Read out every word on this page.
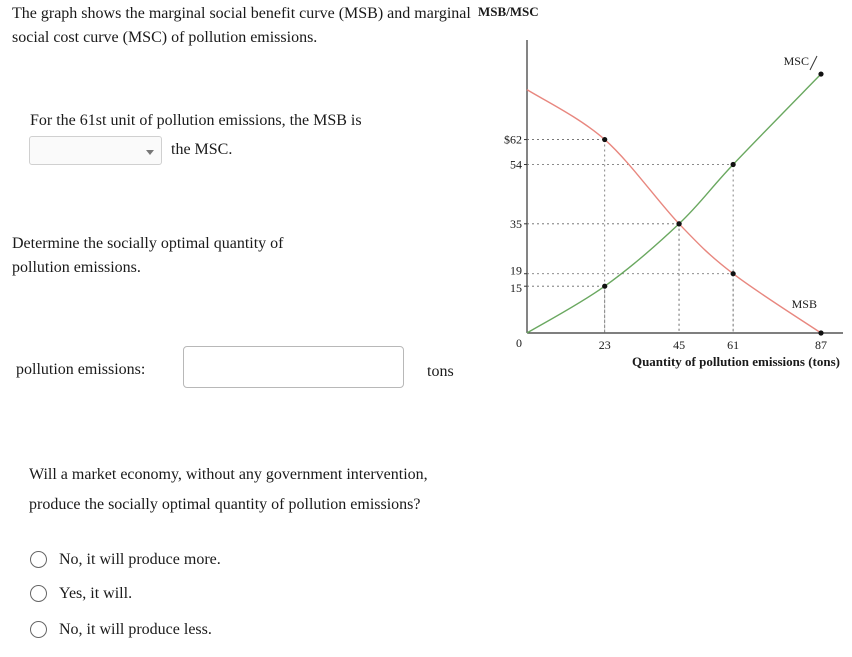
The graph shows the marginal social benefit curve (MSB) and marginal social cost curve (MSC) of pollution emissions.
For the 61st unit of pollution emissions, the MSB is
the MSC.
Determine the socially optimal quantity of pollution emissions.
pollution emissions:	tons
Will a market economy, without any government intervention, produce the socially optimal quantity of pollution emissions?
No, it will produce more.
Yes, it will.
No, it will produce less.
MSB/MSC
Quantity of pollution emissions (tons)
0
15
19
35
54
$62
23	45	61	87
MSC
MSB
